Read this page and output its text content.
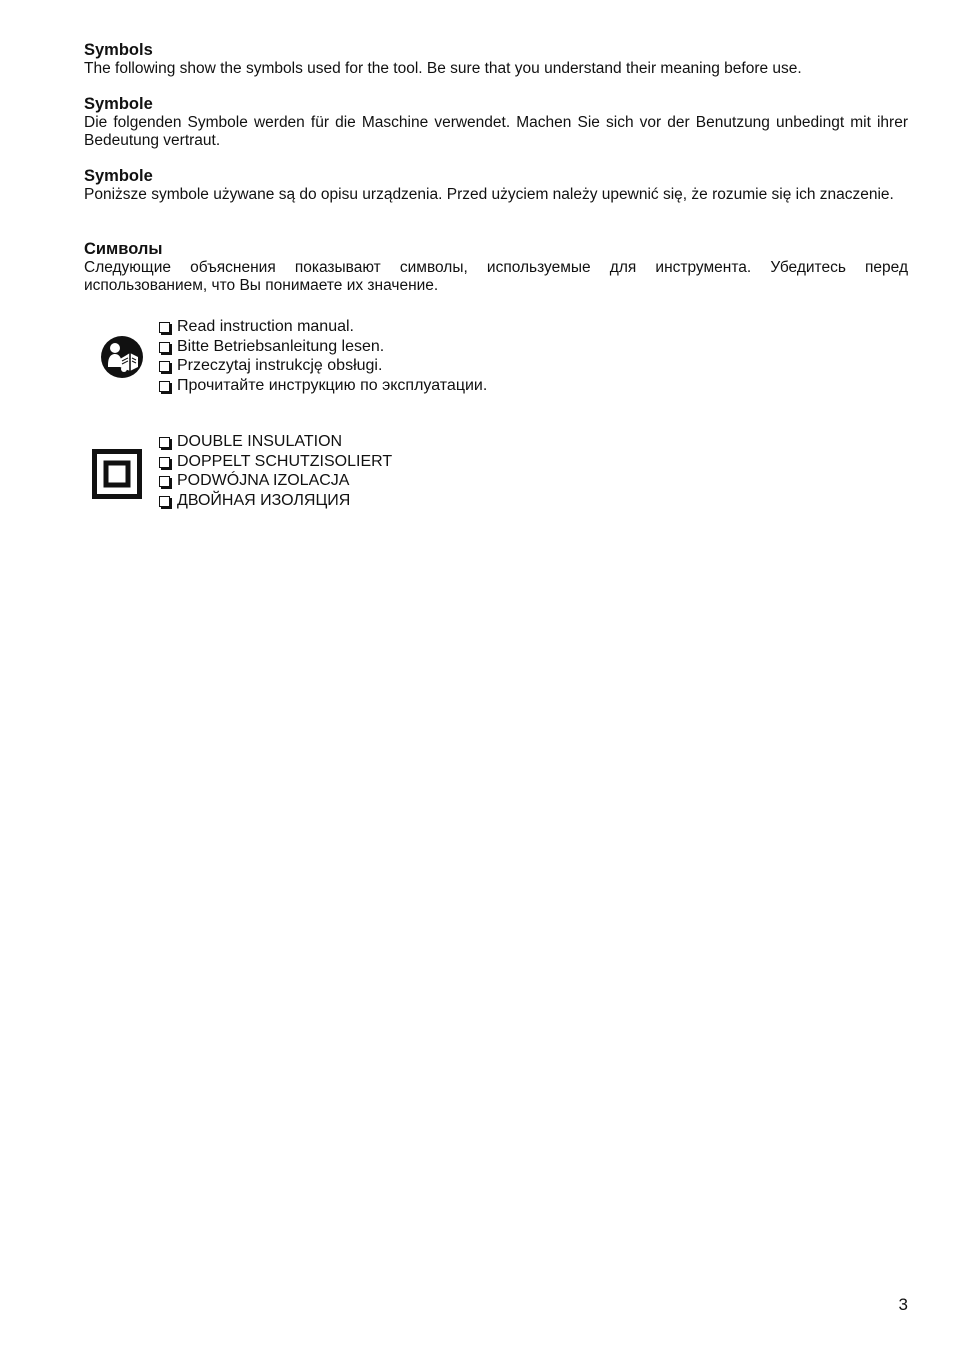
Symbols

The following show the symbols used for the tool. Be sure that you understand their meaning before use.

Symbole

Die folgenden Symbole werden für die Maschine verwendet. Machen Sie sich vor der Benutzung unbedingt mit ihrer Bedeutung vertraut.

Symbole

Poniższe symbole używane są do opisu urządzenia. Przed użyciem należy upewnić się, że rozumie się ich znaczenie.

Символы

Следующие объяснения показывают символы, используемые для инструмента. Убедитесь перед использованием, что Вы понимаете их значение.

Read instruction manual.
Bitte Betriebsanleitung lesen.
Przeczytaj instrukcję obsługi.
Прочитайте инструкцию по эксплуатации.
DOUBLE INSULATION
DOPPELT SCHUTZISOLIERT
PODWÓJNA IZOLACJA
ДВОЙНАЯ ИЗОЛЯЦИЯ
3
